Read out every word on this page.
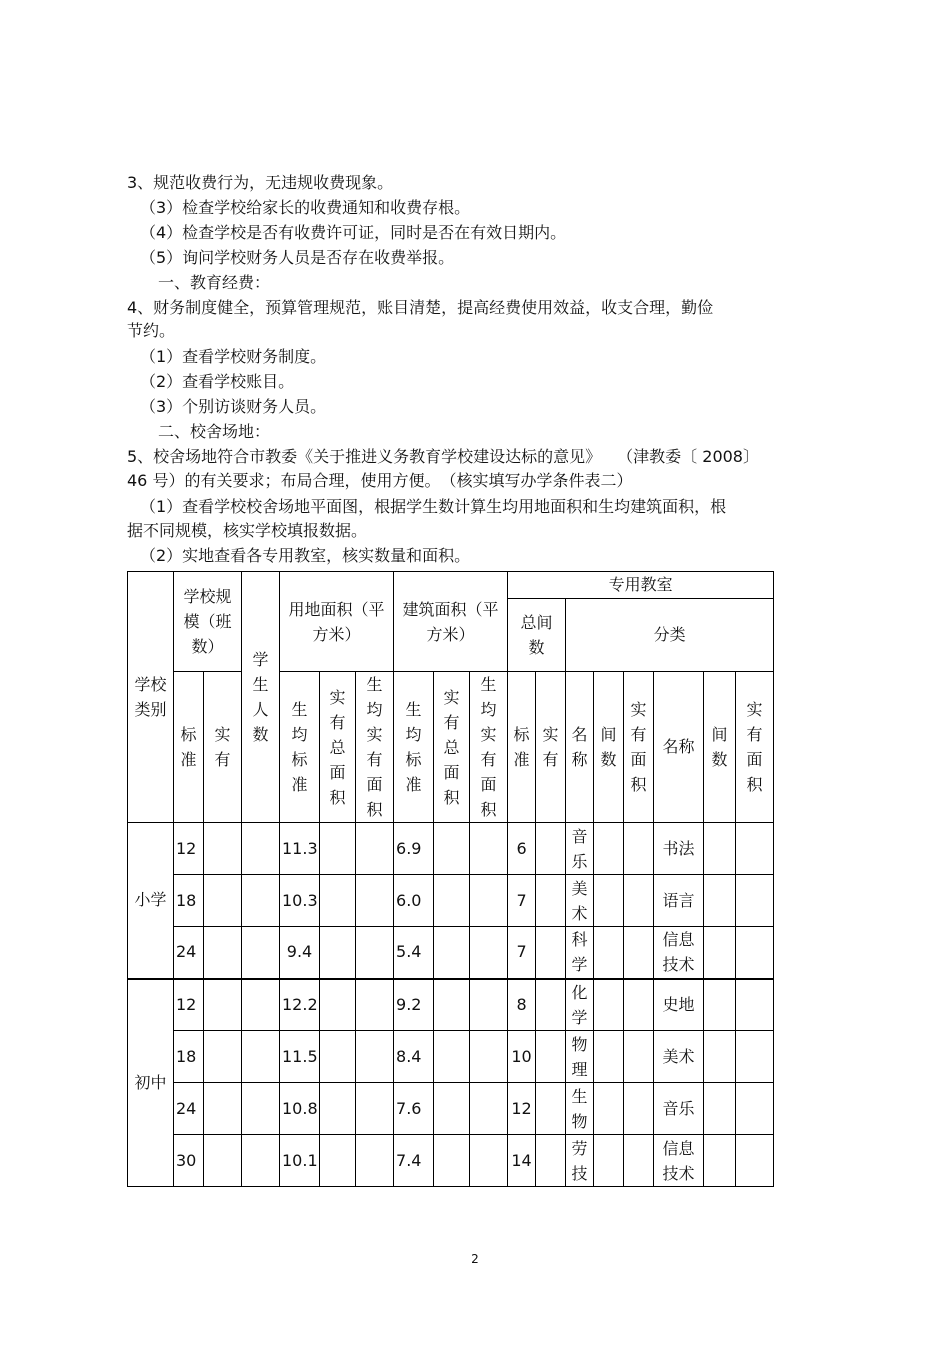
3、规范收费行为，无违规收费现象。
（3）检查学校给家长的收费通知和收费存根。
（4）检查学校是否有收费许可证，同时是否在有效日期内。
（5）询问学校财务人员是否存在收费举报。
一、教育经费：
4、财务制度健全，预算管理规范，账目清楚，提高经费使用效益，收支合理，勤俭
节约。
（1）查看学校财务制度。
（2）查看学校账目。
（3）个别访谈财务人员。
二、校舍场地：
5、校舍场地符合市教委《关于推进义务教育学校建设达标的意见》　　（津教委〔 2008〕
46 号）的有关要求；布局合理，使用方便。　（核实填写办学条件表二）
（1）查看学校校舍场地平面图，根据学生数计算生均用地面积和生均建筑面积，根
据不同规模，核实学校填报数据。
（2）实地查看各专用教室，核实数量和面积。
学校类别	学校规模（班数）		学生人数	用地面积（平方米）			建筑面积（平方米）			专用教室							
										总间数		分类					
	标准	实有		生均标准	实有总面积	生均实有面积	生均标准	实有总面积	生均实有面积	标准	实有	名称	间数	实有面积	名称	间数	实有面积
小学	12			11.3			6.9			6		音乐			书法		
	18			10.3			6.0			7		美术			语言		
	24			9.4			5.4			7		科学			信息技术		
初中	12			12.2			9.2			8		化学			史地		
	18			11.5			8.4			10		物理			美术		
	24			10.8			7.6			12		生物			音乐		
	30			10.1			7.4			14		劳技			信息技术		
2
